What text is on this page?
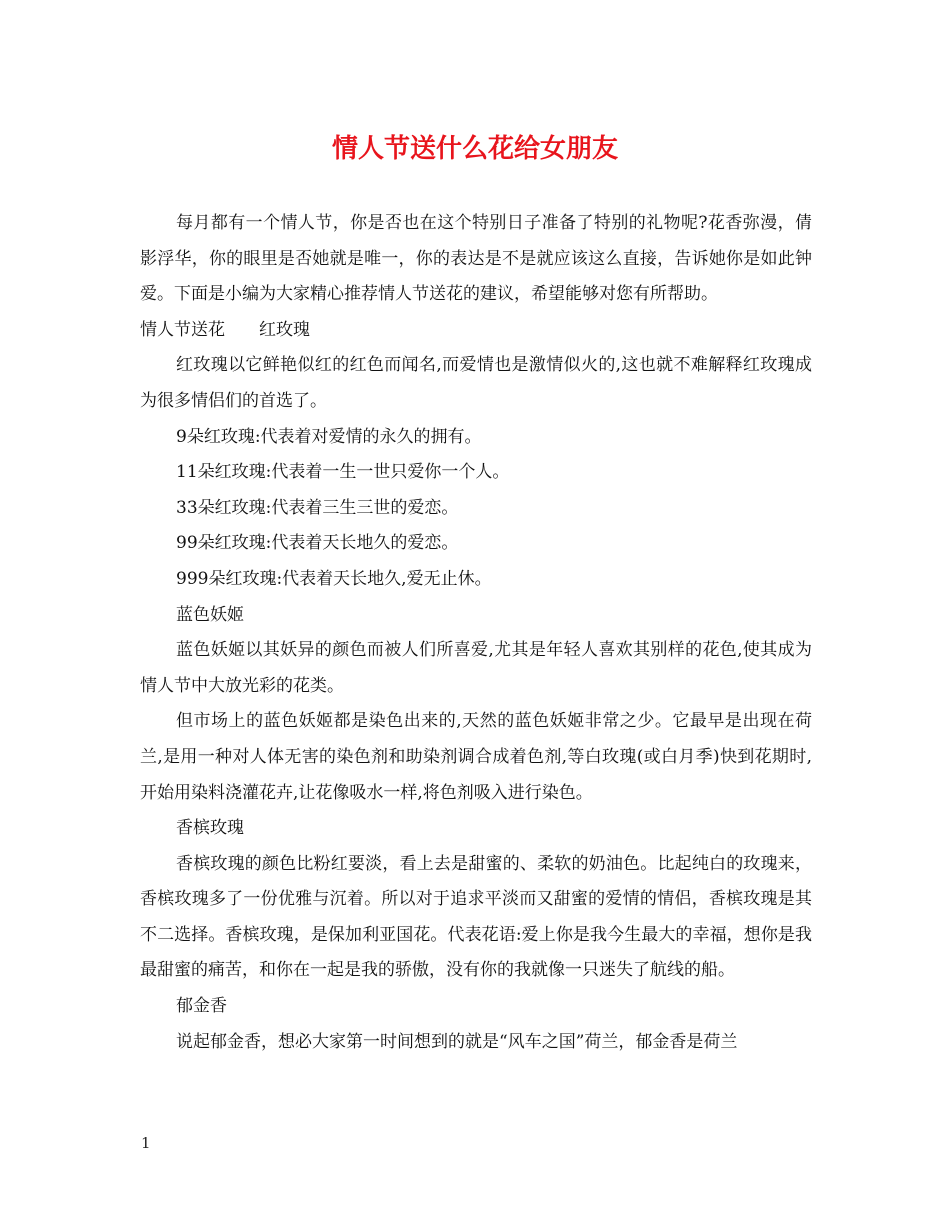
情人节送什么花给女朋友

每月都有一个情人节，你是否也在这个特别日子准备了特别的礼物呢?花香弥漫，倩影浮华，你的眼里是否她就是唯一，你的表达是不是就应该这么直接，告诉她你是如此钟爱。下面是小编为大家精心推荐情人节送花的建议，希望能够对您有所帮助。

情人节送花　　红玫瑰

红玫瑰以它鲜艳似红的红色而闻名,而爱情也是激情似火的,这也就不难解释红玫瑰成为很多情侣们的首选了。

9朵红玫瑰:代表着对爱情的永久的拥有。

11朵红玫瑰:代表着一生一世只爱你一个人。

33朵红玫瑰:代表着三生三世的爱恋。

99朵红玫瑰:代表着天长地久的爱恋。

999朵红玫瑰:代表着天长地久,爱无止休。

蓝色妖姬

蓝色妖姬以其妖异的颜色而被人们所喜爱,尤其是年轻人喜欢其别样的花色,使其成为情人节中大放光彩的花类。

但市场上的蓝色妖姬都是染色出来的,天然的蓝色妖姬非常之少。它最早是出现在荷兰,是用一种对人体无害的染色剂和助染剂调合成着色剂,等白玫瑰(或白月季)快到花期时,开始用染料浇灌花卉,让花像吸水一样,将色剂吸入进行染色。

香槟玫瑰

香槟玫瑰的颜色比粉红要淡，看上去是甜蜜的、柔软的奶油色。比起纯白的玫瑰来，香槟玫瑰多了一份优雅与沉着。所以对于追求平淡而又甜蜜的爱情的情侣，香槟玫瑰是其不二选择。香槟玫瑰，是保加利亚国花。代表花语:爱上你是我今生最大的幸福，想你是我最甜蜜的痛苦，和你在一起是我的骄傲，没有你的我就像一只迷失了航线的船。

郁金香

说起郁金香，想必大家第一时间想到的就是“风车之国”荷兰，郁金香是荷兰

1
